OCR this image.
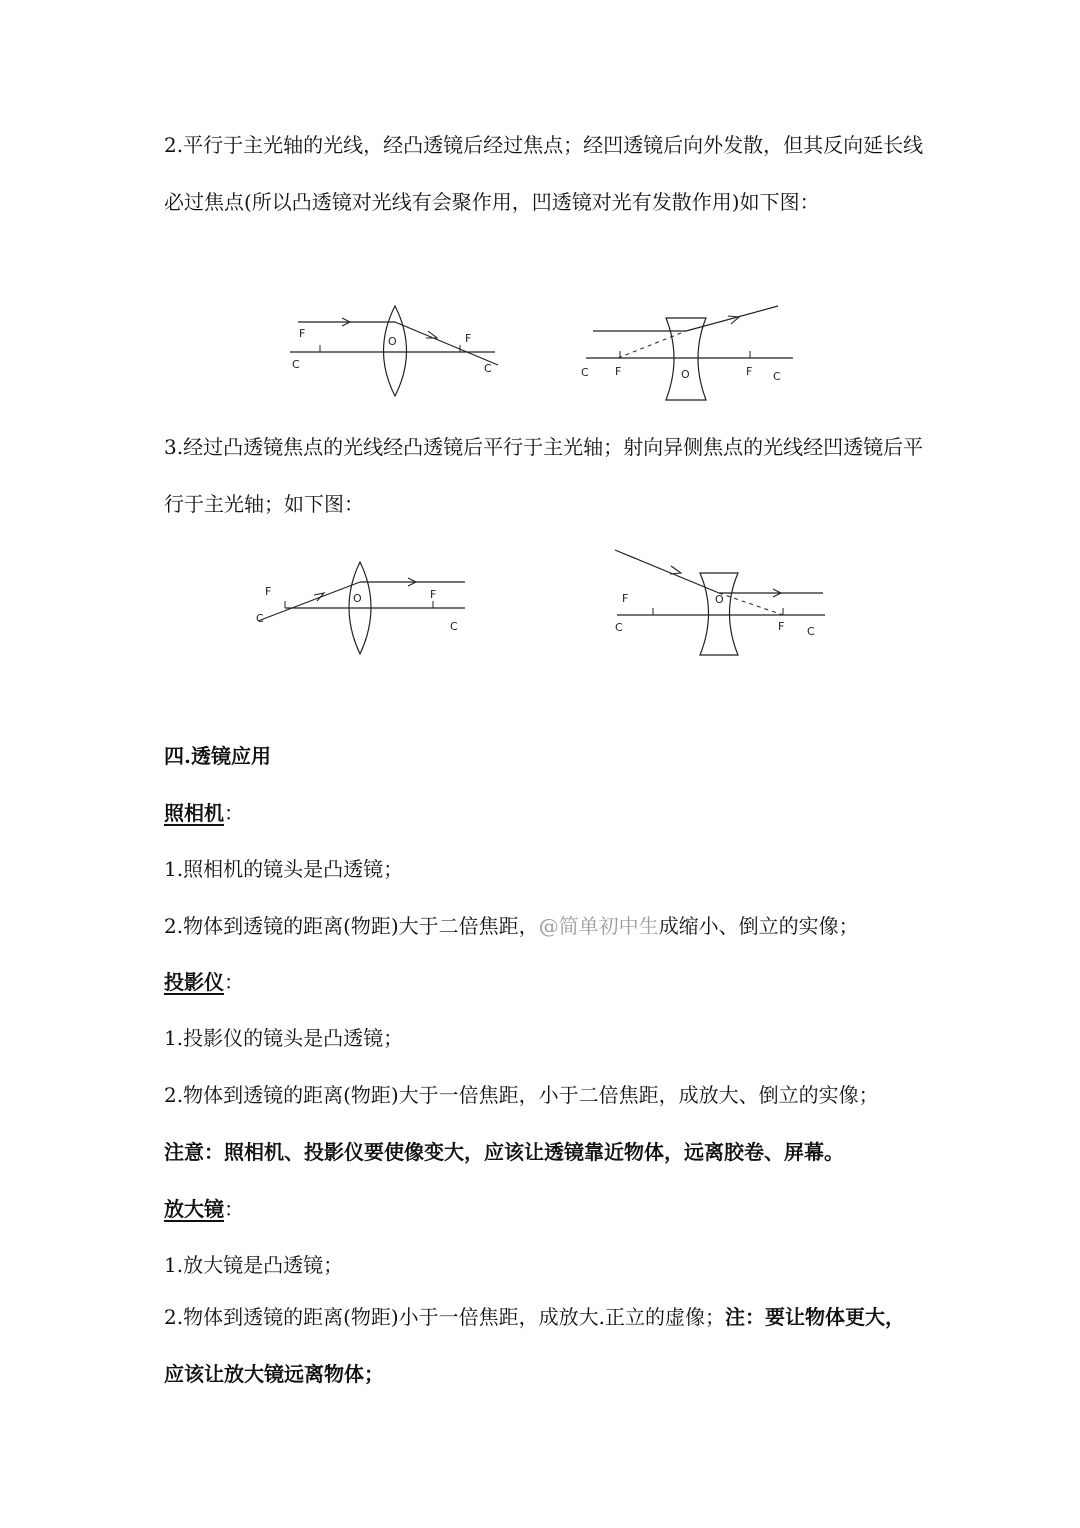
2.平行于主光轴的光线，经凸透镜后经过焦点；经凹透镜后向外发散，但其反向延长线必过焦点(所以凸透镜对光线有会聚作用，凹透镜对光有发散作用)如下图：

F	F
C	C
O
C F	O	F C

3.经过凸透镜焦点的光线经凸透镜后平行于主光轴；射向异侧焦点的光线经凹透镜后平行于主光轴；如下图：

F	F
C
C
O	F
C
O
F C

四.透镜应用

照相机：

1.照相机的镜头是凸透镜；

2.物体到透镜的距离(物距)大于二倍焦距，@简单初中生成缩小、倒立的实像；

投影仪：

1.投影仪的镜头是凸透镜；

2.物体到透镜的距离(物距)大于一倍焦距，小于二倍焦距，成放大、倒立的实像；

注意：照相机、投影仪要使像变大，应该让透镜靠近物体，远离胶卷、屏幕。

放大镜：

1.放大镜是凸透镜；

2.物体到透镜的距离(物距)小于一倍焦距，成放大.正立的虚像；注：要让物体更大，应该让放大镜远离物体；
